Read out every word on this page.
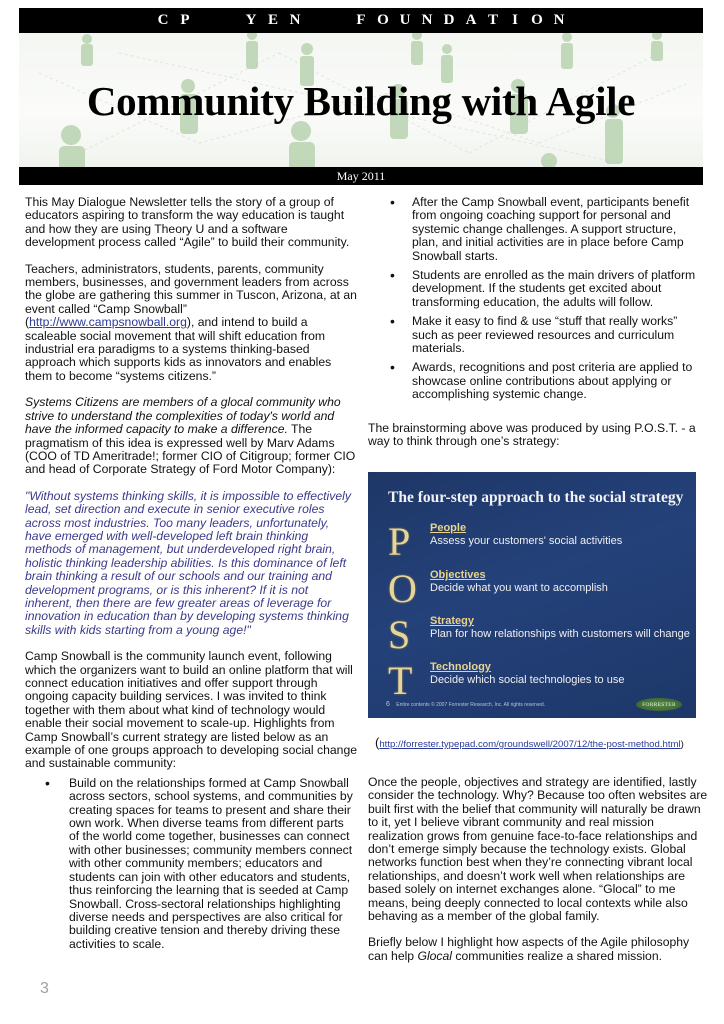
C P	Y E N	F O U N D A T I O N
Community Building with Agile
May 2011

This May Dialogue Newsletter tells the story of a group of educators aspiring to transform the way education is taught and how they are using Theory U and a software development process called “Agile” to build their community.

Teachers, administrators, students, parents, community members, businesses, and government leaders from across the globe are gathering this summer in Tuscon, Arizona, at an event called “Camp Snowball” (http://www.campsnowball.org), and intend to build a scaleable social movement that will shift education from industrial era paradigms to a systems thinking-based approach which supports kids as innovators and enables them to become “systems citizens.”

Systems Citizens are members of a glocal community who strive to understand the complexities of today's world and have the informed capacity to make a difference. The pragmatism of this idea is expressed well by Marv Adams (COO of TD Ameritrade!; former CIO of Citigroup; former CIO and head of Corporate Strategy of Ford Motor Company):

"Without systems thinking skills, it is impossible to effectively lead, set direction and execute in senior executive roles across most industries. Too many leaders, unfortunately, have emerged with well-developed left brain thinking methods of management, but underdeveloped right brain, holistic thinking leadership abilities. Is this dominance of left brain thinking a result of our schools and our training and development programs, or is this inherent? If it is not inherent, then there are few greater areas of leverage for innovation in education than by developing systems thinking skills with kids starting from a young age!"

Camp Snowball is the community launch event, following which the organizers want to build an online platform that will connect education initiatives and offer support through ongoing capacity building services. I was invited to think together with them about what kind of technology would enable their social movement to scale-up. Highlights from Camp Snowball’s current strategy are listed below as an example of one groups approach to developing social change and sustainable community:

• Build on the relationships formed at Camp Snowball across sectors, school systems, and communities by creating spaces for teams to present and share their own work. When diverse teams from different parts of the world come together, businesses can connect with other businesses; community members connect with other community members; educators and students can join with other educators and students, thus reinforcing the learning that is seeded at Camp Snowball. Cross-sectoral relationships highlighting diverse needs and perspectives are also critical for building creative tension and thereby driving these activities to scale.
• After the Camp Snowball event, participants benefit from ongoing coaching support for personal and systemic change challenges. A support structure, plan, and initial activities are in place before Camp Snowball starts.
• Students are enrolled as the main drivers of platform development. If the students get excited about transforming education, the adults will follow.
• Make it easy to find & use “stuff that really works” such as peer reviewed resources and curriculum materials.
• Awards, recognitions and post criteria are applied to showcase online contributions about applying or accomplishing systemic change.

The brainstorming above was produced by using P.O.S.T. - a way to think through one’s strategy:

The four-step approach to the social strategy
P People
Assess your customers' social activities
O Objectives
Decide what you want to accomplish
S Strategy
Plan for how relationships with customers will change
T Technology
Decide which social technologies to use
6 Entire contents © 2007 Forrester Research, Inc. All rights reserved.	FORRESTER
(http://forrester.typepad.com/groundswell/2007/12/the-post-method.html)

Once the people, objectives and strategy are identified, lastly consider the technology. Why? Because too often websites are built first with the belief that community will naturally be drawn to it, yet I believe vibrant community and real mission realization grows from genuine face-to-face relationships and don’t emerge simply because the technology exists. Global networks function best when they’re connecting vibrant local relationships, and doesn’t work well when relationships are based solely on internet exchanges alone. “Glocal” to me means, being deeply connected to local contexts while also behaving as a member of the global family.

Briefly below I highlight how aspects of the Agile philosophy can help Glocal communities realize a shared mission.

3
